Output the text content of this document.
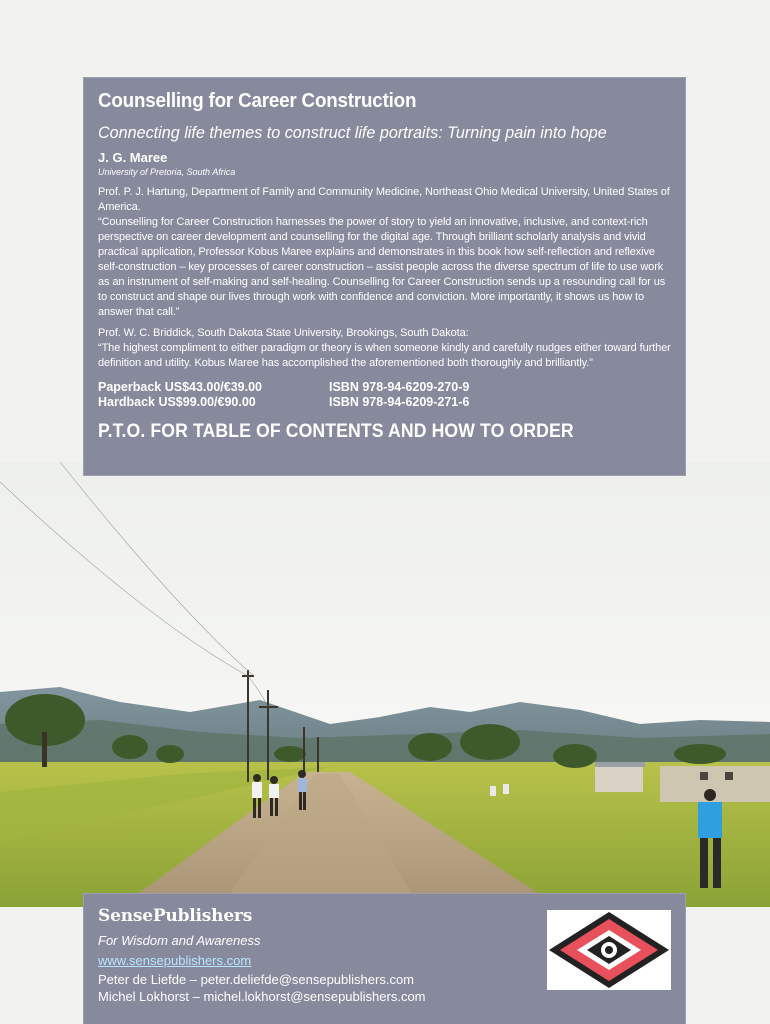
Counselling for Career Construction
Connecting life themes to construct life portraits: Turning pain into hope
J. G. Maree
University of Pretoria, South Africa

Prof. P. J. Hartung, Department of Family and Community Medicine, Northeast Ohio Medical University, United States of America.

“Counselling for Career Construction harnesses the power of story to yield an innovative, inclusive, and context-rich perspective on career development and counselling for the digital age. Through brilliant scholarly analysis and vivid practical application, Professor Kobus Maree explains and demonstrates in this book how self-reflection and reflexive self-construction – key processes of career construction – assist people across the diverse spectrum of life to use work as an instrument of self-making and self-healing. Counselling for Career Construction sends up a resounding call for us to construct and shape our lives through work with confidence and conviction. More importantly, it shows us how to answer that call.”

Prof. W. C. Briddick, South Dakota State University, Brookings, South Dakota:

“The highest compliment to either paradigm or theory is when someone kindly and carefully nudges either toward further definition and utility. Kobus Maree has accomplished the aforementioned both thoroughly and brilliantly.”

Paperback US$43.00/€39.00	ISBN 978-94-6209-270-9
Hardback US$99.00/€90.00	ISBN 978-94-6209-271-6
P.T.O. FOR TABLE OF CONTENTS AND HOW TO ORDER
SensePublishers
For Wisdom and Awareness
www.sensepublishers.com
Peter de Liefde – peter.deliefde@sensepublishers.com
Michel Lokhorst – michel.lokhorst@sensepublishers.com
